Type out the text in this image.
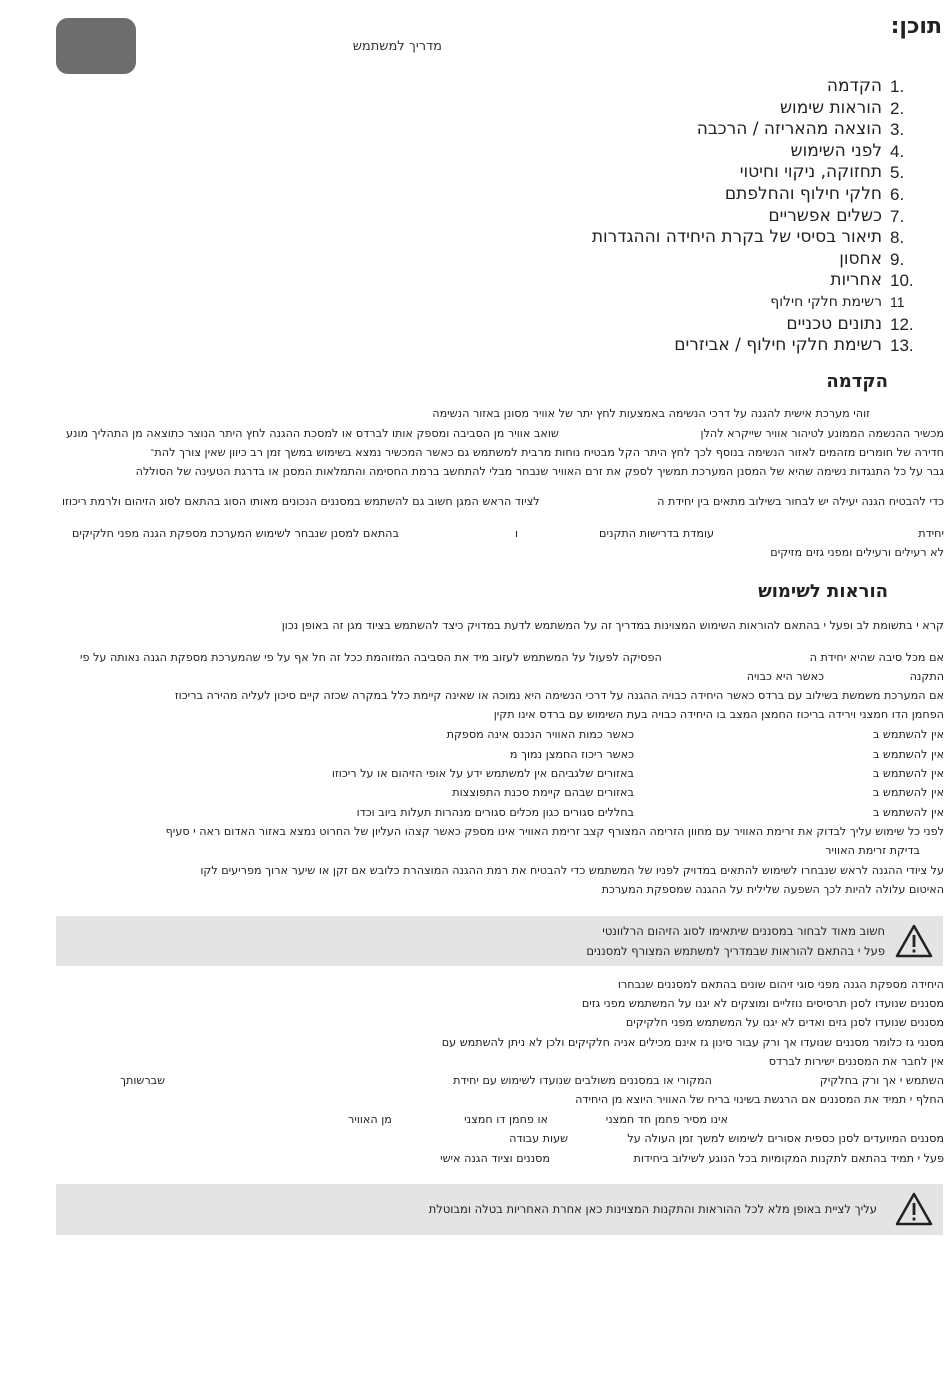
מדריך למשתמש
תוכן:
1.
הקדמה
2.
הוראות שימוש
3.
הוצאה מהאריזה / הרכבה
4.
לפני השימוש
5.
תחזוקה, ניקוי וחיטוי
6.
חלקי חילוף והחלפתם
7.
כשלים אפשריים
8.
תיאור בסיסי של בקרת היחידה וההגדרות
9.
אחסון
10.
אחריות
11
רשימת חלקי חילוף
12.
נתונים טכניים
13.
רשימת חלקי חילוף / אביזרים
הקדמה
זוהי מערכת אישית להגנה על דרכי הנשימה באמצעות לחץ יתר של אוויר מסונן באזור הנשימה
מכשיר ההנשמה הממונע לטיהור אוויר שייקרא להלן
שואב אוויר מן הסביבה ומספק אותו לברדס או למסכת ההגנה לחץ היתר הנוצר כתוצאה מן התהליך מונע
חדירה של חומרים מזהמים לאזור הנשימה בנוסף לכך לחץ היתר הקל מבטיח נוחות מרבית למשתמש גם כאשר המכשיר נמצא בשימוש במשך זמן רב כיוון שאין צורך להת־
גבר על כל התנגדות נשימה שהיא של המסנן המערכת תמשיך לספק את זרם האוויר שנבחר מבלי להתחשב ברמת החסימה והתמלאות המסנן או בדרגת הטעינה של הסוללה
כדי להבטיח הגנה יעילה יש לבחור בשילוב מתאים בין יחידת ה
לציוד הראש המגן חשוב גם להשתמש במסננים הנכונים מאותו הסוג בהתאם לסוג הזיהום ולרמת ריכוזו
יחידת
עומדת בדרישות התקנים
ו
בהתאם למסנן שנבחר לשימוש המערכת מספקת הגנה מפני חלקיקים
לא רעילים ורעילים ומפני גזים מזיקים
הוראות לשימוש
קרא י בתשומת לב ופעל י בהתאם להוראות השימוש המצוינות במדריך זה על המשתמש לדעת במדויק כיצד להשתמש בציוד מגן זה באופן נכון
אם מכל סיבה שהיא יחידת ה
הפסיקה לפעול על המשתמש לעזוב מיד את הסביבה המזוהמת ככל זה חל אף על פי שהמערכת מספקת הגנה נאותה על פי
התקנה
כאשר היא כבויה
אם המערכת משמשת בשילוב עם ברדס כאשר היחידה כבויה ההגנה על דרכי הנשימה היא נמוכה או שאינה קיימת כלל במקרה שכזה קיים סיכון לעליה מהירה בריכוז
הפחמן הדו חמצני וירידה בריכוז החמצן המצב בו היחידה כבויה בעת השימוש עם ברדס אינו תקין
אין להשתמש ב
כאשר כמות האוויר הנכנס אינה מספקת
אין להשתמש ב
כאשר ריכוז החמצן נמוך מ
אין להשתמש ב
באזורים שלגביהם אין למשתמש ידע על אופי הזיהום או על ריכוזו
אין להשתמש ב
באזורים שבהם קיימת סכנת התפוצצות
אין להשתמש ב
בחללים סגורים כגון מכלים סגורים מנהרות תעלות ביוב וכדו
לפני כל שימוש עליך לבדוק את זרימת האוויר עם מחוון הזרימה המצורף קצב זרימת האוויר אינו מספק כאשר קצהו העליון של החרוט נמצא באזור האדום ראה י סעיף
בדיקת זרימת האוויר
על ציודי ההגנה לראש שנבחרו לשימוש להתאים במדויק לפניו של המשתמש כדי להבטיח את רמת ההגנה המוצהרת כלובש אם זקן או שיער ארוך מפריעים לקו
האיטום עלולה להיות לכך השפעה שלילית על ההגנה שמספקת המערכת
חשוב מאוד לבחור במסננים שיתאימו לסוג הזיהום הרלוונטי
פעל י בהתאם להוראות שבמדריך למשתמש המצורף למסננים
היחידה מספקת הגנה מפני סוגי זיהום שונים בהתאם למסננים שנבחרו
מסננים שנועדו לסנן תרסיסים נוזליים ומוצקים לא יגנו על המשתמש מפני גזים
מסננים שנועדו לסנן גזים ואדים לא יגנו על המשתמש מפני חלקיקים
מסנני גז כלומר מסננים שנועדו אך ורק עבור סינון גז אינם מכילים אניה חלקיקים ולכן לא ניתן להשתמש עם
אין לחבר את המסננים ישירות לברדס
השתמש י אך ורק בחלקיק
המקורי או במסננים משולבים שנועדו לשימוש עם יחידת
שברשותך
החלף י תמיד את המסננים אם הרגשת בשינוי בריח של האוויר היוצא מן היחידה
אינו מסיר פחמן חד חמצני
או פחמן דו חמצני
מן האוויר
מסננים המיועדים לסנן כספית אסורים לשימוש למשך זמן העולה על
שעות עבודה
פעל י תמיד בהתאם לתקנות המקומיות בכל הנוגע לשילוב ביחידות
מסננים וציוד הגנה אישי
עליך לציית באופן מלא לכל ההוראות והתקנות המצוינות כאן אחרת האחריות בטלה ומבוטלת
